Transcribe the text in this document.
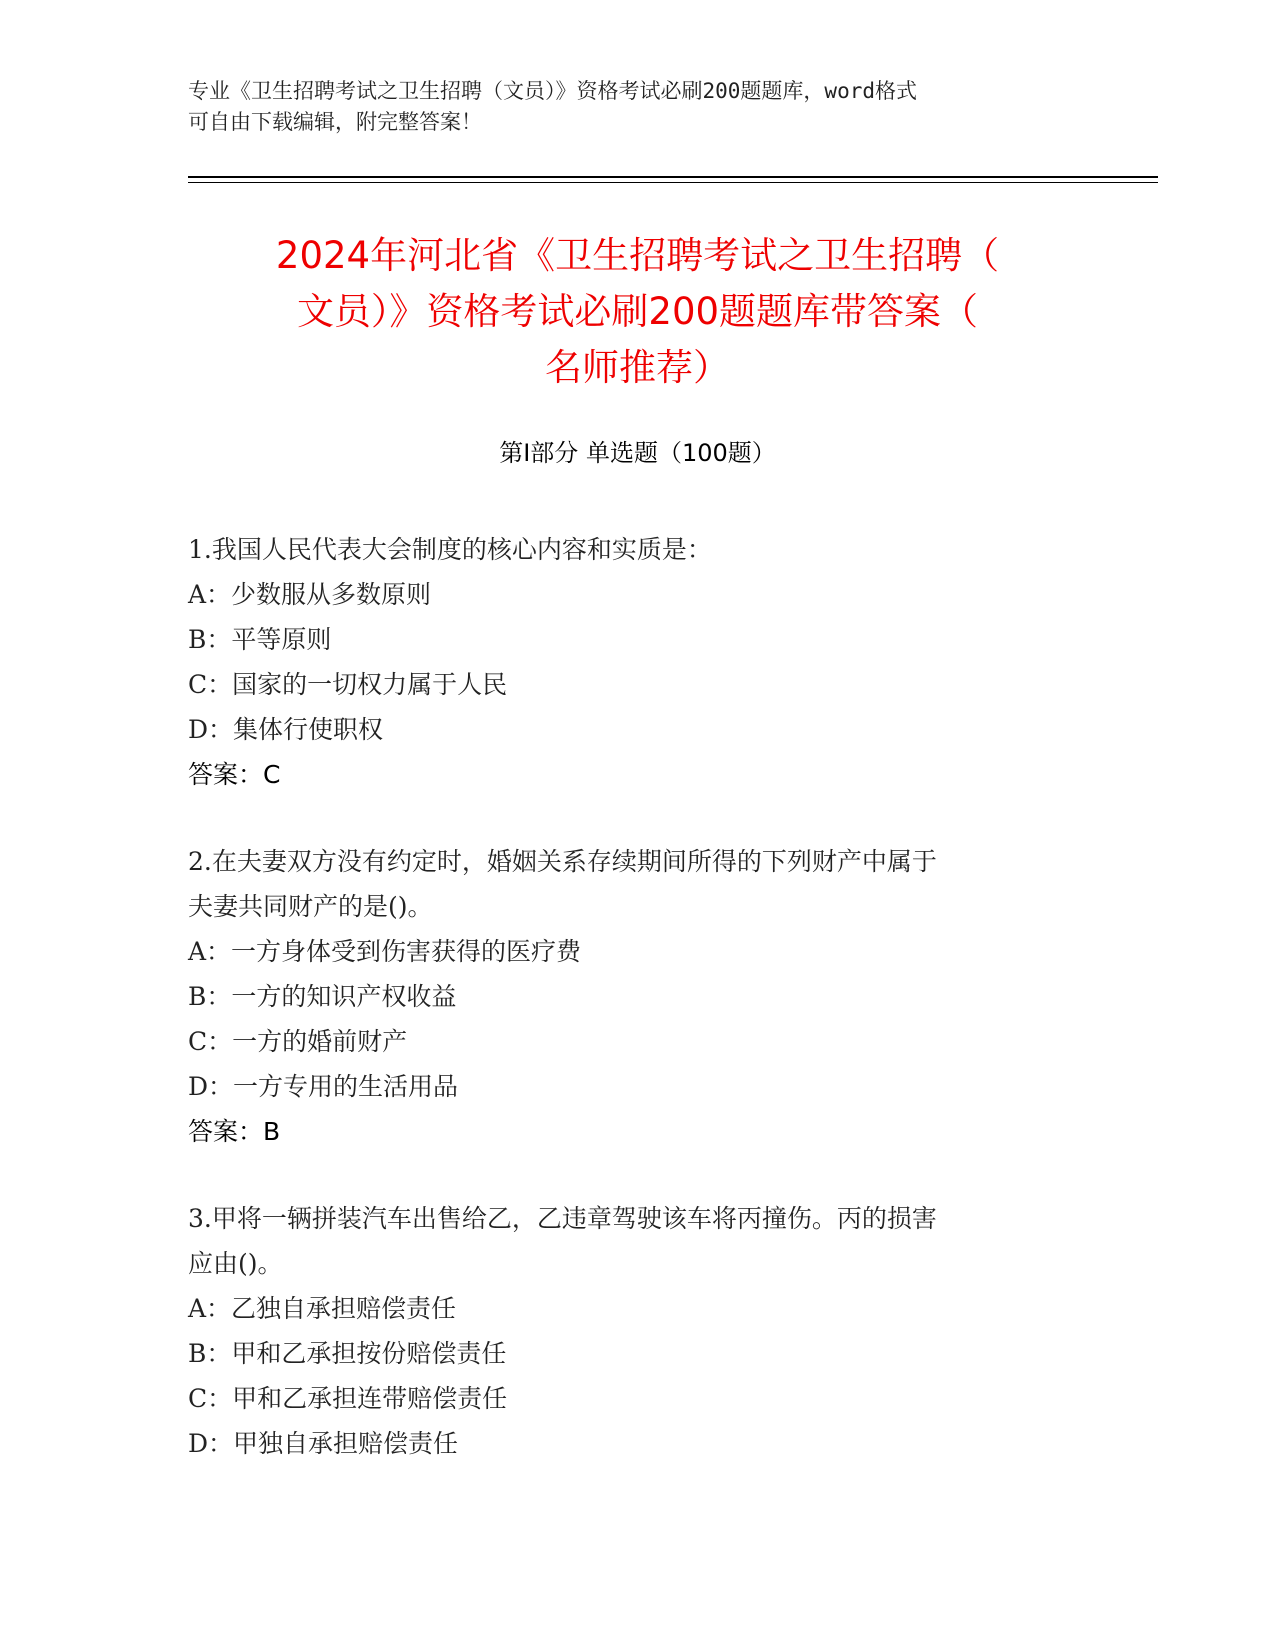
专业《卫生招聘考试之卫生招聘（文员）》资格考试必刷200题题库，word格式
可自由下载编辑，附完整答案！
2024年河北省《卫生招聘考试之卫生招聘（
文员）》资格考试必刷200题题库带答案（
名师推荐）
第Ⅰ部分 单选题（100题）
1.我国人民代表大会制度的核心内容和实质是：
A：少数服从多数原则
B：平等原则
C：国家的一切权力属于人民
D：集体行使职权
答案：C
2.在夫妻双方没有约定时，婚姻关系存续期间所得的下列财产中属于
夫妻共同财产的是()。
A：一方身体受到伤害获得的医疗费
B：一方的知识产权收益
C：一方的婚前财产
D：一方专用的生活用品
答案：B
3.甲将一辆拼装汽车出售给乙，乙违章驾驶该车将丙撞伤。丙的损害
应由()。
A：乙独自承担赔偿责任
B：甲和乙承担按份赔偿责任
C：甲和乙承担连带赔偿责任
D：甲独自承担赔偿责任
